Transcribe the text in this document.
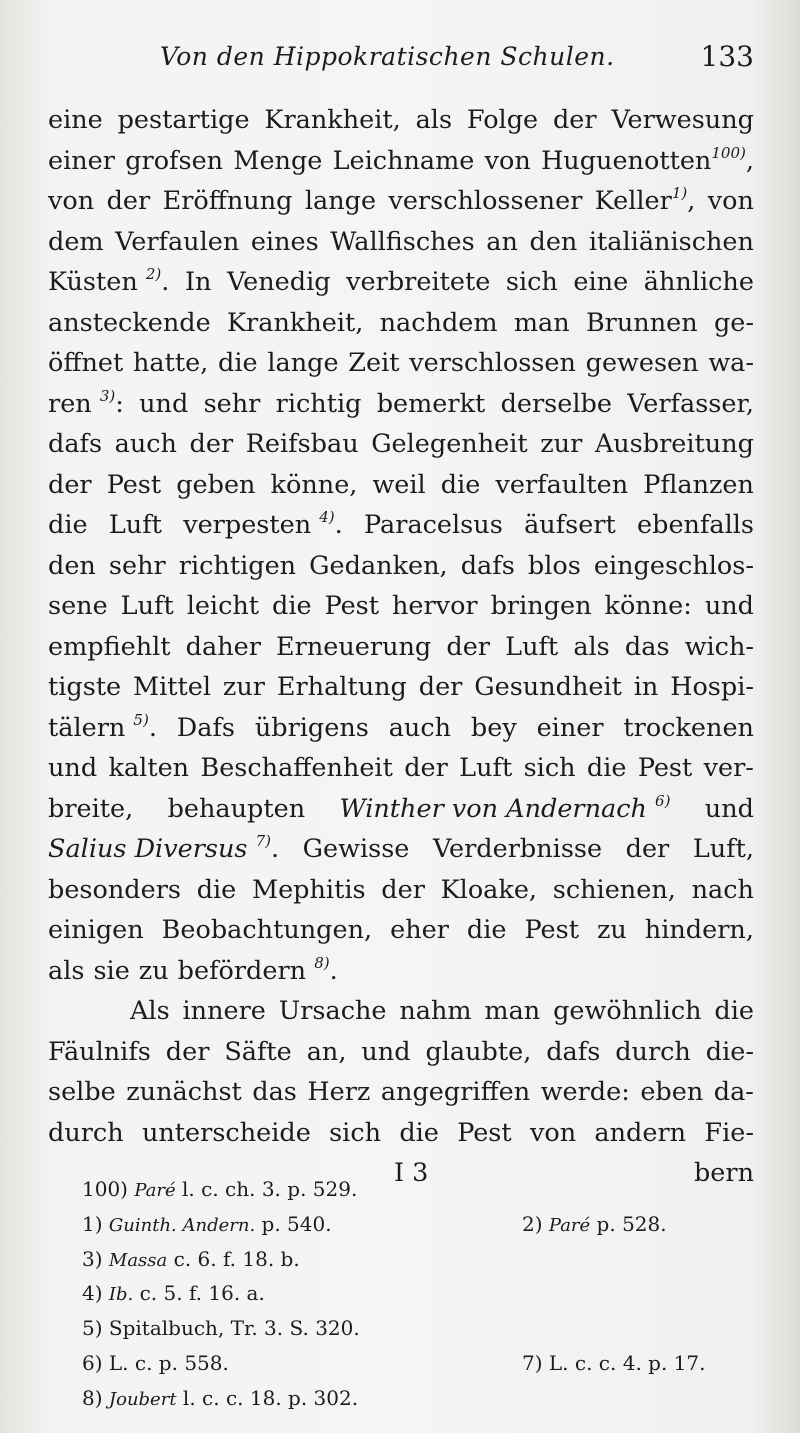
Von den Hippokratischen Schulen.	133
eine pestartige Krankheit, als Folge der Verwesung
einer grofsen Menge Leichname von Huguenotten$^{100)}$,
von der Eröffnung lange verschlossener Keller$^{1)}$, von
dem Verfaulen eines Wallfisches an den italiänischen
Küsten $^{2)}$. In Venedig verbreitete sich eine ähnliche
ansteckende Krankheit, nachdem man Brunnen ge-
öffnet hatte, die lange Zeit verschlossen gewesen wa-
ren $^{3)}$: und sehr richtig bemerkt derselbe Verfasser,
dafs auch der Reifsbau Gelegenheit zur Ausbreitung
der Pest geben könne, weil die verfaulten Pflanzen
die Luft verpesten $^{4)}$. Paracelsus äufsert ebenfalls
den sehr richtigen Gedanken, dafs blos eingeschlos-
sene Luft leicht die Pest hervor bringen könne: und
empfiehlt daher Erneuerung der Luft als das wich-
tigste Mittel zur Erhaltung der Gesundheit in Hospi-
tälern $^{5)}$. Dafs übrigens auch bey einer trockenen
und kalten Beschaffenheit der Luft sich die Pest ver-
breite, behaupten Winther von Andernach $^{6)}$ und
Salius Diversus $^{7)}$. Gewisse Verderbnisse der Luft,
besonders die Mephitis der Kloake, schienen, nach
einigen Beobachtungen, eher die Pest zu hindern,
als sie zu befördern $^{8)}$.
Als innere Ursache nahm man gewöhnlich die
Fäulnifs der Säfte an, und glaubte, dafs durch die-
selbe zunächst das Herz angegriffen werde: eben da-
durch unterscheide sich die Pest von andern Fie-
I 3	bern
100)
Paré
l. c. ch. 3. p. 529.
1) Guinth. Andern. p. 540.	2) Paré p. 528.
3)
Massa
c. 6. f. 18. b.
4)
Ib.
c. 5. f. 16. a.
5)
Spitalbuch, Tr. 3. S. 320.
6) L. c. p. 558.	7) L. c. c. 4. p. 17.
8)
Joubert
l. c. c. 18. p. 302.
